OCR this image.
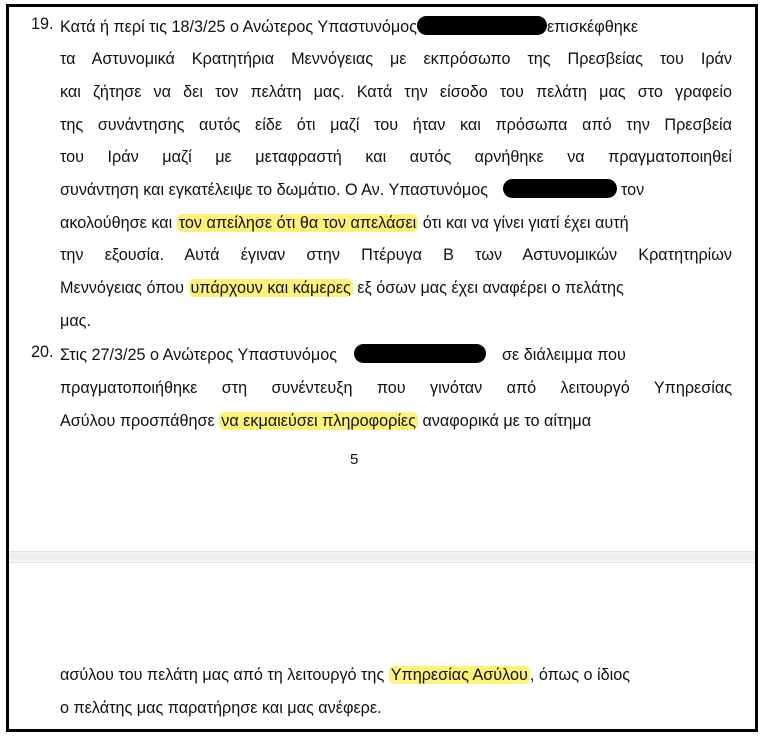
19. Κατά ή περί τις 18/3/25 ο Ανώτερος Υπαστυνόμος	επισκέφθηκε
τα Αστυνομικά Κρατητήρια Μεννόγειας με εκπρόσωπο της Πρεσβείας του Ιράν
και ζήτησε να δει τον πελάτη μας. Κατά την είσοδο του πελάτη μας στο γραφείο
της συνάντησης αυτός είδε ότι μαζί του ήταν και πρόσωπα από την Πρεσβεία
του Ιράν μαζί με μεταφραστή και αυτός αρνήθηκε να πραγματοποιηθεί
συνάντηση και εγκατέλειψε το δωμάτιο. Ο Αν. Υπαστυνόμος	τον
ακολούθησε και τον απείλησε ότι θα τον απελάσει ότι και να γίνει γιατί έχει αυτή
την εξουσία. Αυτά έγιναν στην Πτέρυγα Β των Αστυνομικών Κρατητηρίων
Μεννόγειας όπου υπάρχουν και κάμερες εξ όσων μας έχει αναφέρει ο πελάτης
μας.
20. Στις 27/3/25 ο Ανώτερος Υπαστυνόμος	σε διάλειμμα που
πραγματοποιήθηκε στη συνέντευξη που γινόταν από λειτουργό Υπηρεσίας
Ασύλου προσπάθησε να εκμαιεύσει πληροφορίες αναφορικά με το αίτημα
5
ασύλου του πελάτη μας από τη λειτουργό της Υπηρεσίας Ασύλου , όπως ο ίδιος
ο πελάτης μας παρατήρησε και μας ανέφερε.
